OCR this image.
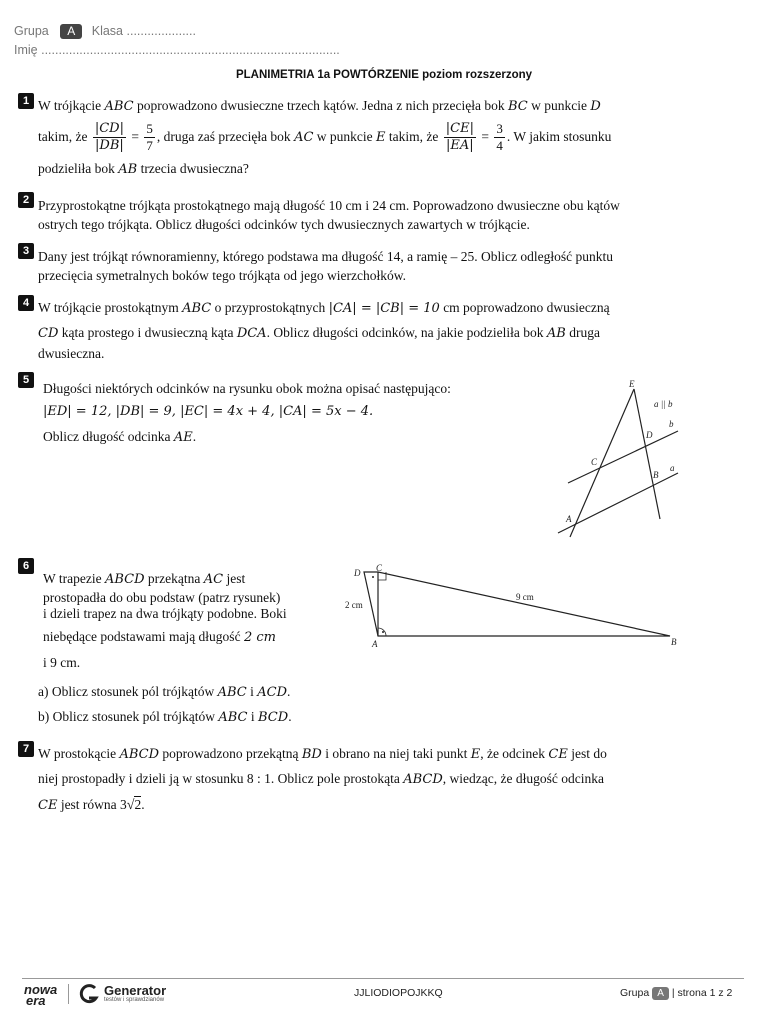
Grupa A Klasa ....................
Imię ......................................................................................
PLANIMETRIA 1a POWTÓRZENIE poziom rozszerzony
1 W trójkącie ABC poprowadzono dwusieczne trzech kątów. Jedna z nich przecięła bok BC w punkcie D
takim, że $\frac{|CD|}{|DB|} = \frac{5}{7}$ , druga zaś przecięła bok AC w punkcie E takim, że $\frac{|CE|}{|EA|} = \frac{3}{4}$ . W jakim stosunku
podzieliła bok AB trzecia dwusieczna?
2 Przyprostokątne trójkąta prostokątnego mają długość 10 cm i 24 cm. Poprowadzono dwusieczne obu kątów
ostrych tego trójkąta. Oblicz długości odcinków tych dwusiecznych zawartych w trójkącie.
3 Dany jest trójkąt równoramienny, którego podstawa ma długość 14, a ramię – 25. Oblicz odległość punktu
przecięcia symetralnych boków tego trójkąta od jego wierzchołków.
4 W trójkącie prostokątnym ABC o przyprostokątnych |CA| = |CB| = 10 cm poprowadzono dwusieczną
CD kąta prostego i dwusieczną kąta DCA. Oblicz długości odcinków, na jakie podzieliła bok AB druga
dwusieczna.
5
Długości niektórych odcinków na rysunku obok można opisać następująco:
|ED| = 12, |DB| = 9, |EC| = 4x + 4, |CA| = 5x − 4.
Oblicz długość odcinka AE.
E
D
C
B
A
b
a
a || b
6
W trapezie ABCD przekątna AC jest
prostopadła do obu podstaw (patrz rysunek)
i dzieli trapez na dwa trójkąty podobne. Boki
niebędące podstawami mają długość 2 cm
i 9 cm.
a) Oblicz stosunek pól trójkątów ABC i ACD.
b) Oblicz stosunek pól trójkątów ABC i BCD.
D C
A	B
2 cm
9 cm
7 W prostokącie ABCD poprowadzono przekątną BD i obrano na niej taki punkt E, że odcinek CE jest do
niej prostopadły i dzieli ją w stosunku 8 : 1. Oblicz pole prostokąta ABCD, wiedząc, że długość odcinka
CE jest równa 3√2.
nowa
era
Generator
testów i sprawdzianów
JJLIODIOPOJKKQ	Grupa A | strona 1 z 2
